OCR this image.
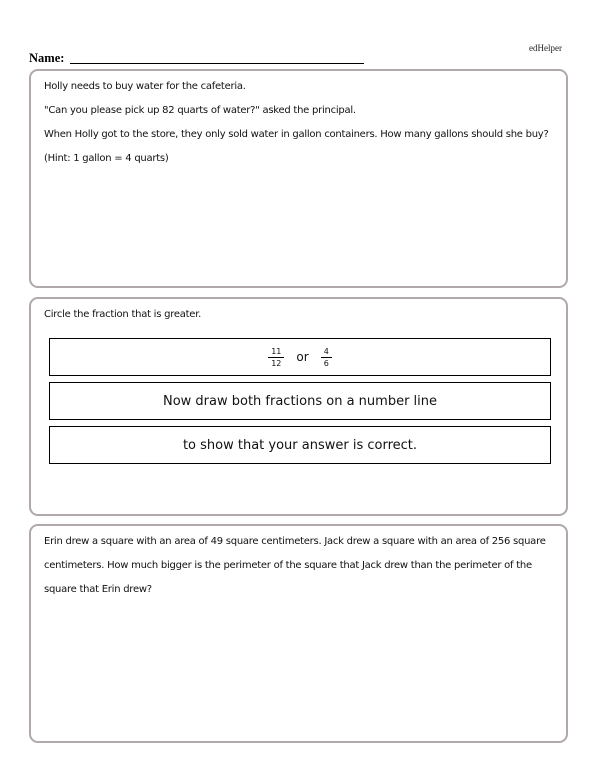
edHelper
Name:

Holly needs to buy water for the cafeteria.

"Can you please pick up 82 quarts of water?" asked the principal.

When Holly got to the store, they only sold water in gallon containers. How many gallons should she buy? (Hint: 1 gallon = 4 quarts)

Circle the fraction that is greater.

$\frac{11}{12}$ or $\frac{4}{6}$
Now draw both fractions on a number line
to show that your answer is correct.

Erin drew a square with an area of 49 square centimeters. Jack drew a square with an area of 256 square centimeters. How much bigger is the perimeter of the square that Jack drew than the perimeter of the square that Erin drew?
